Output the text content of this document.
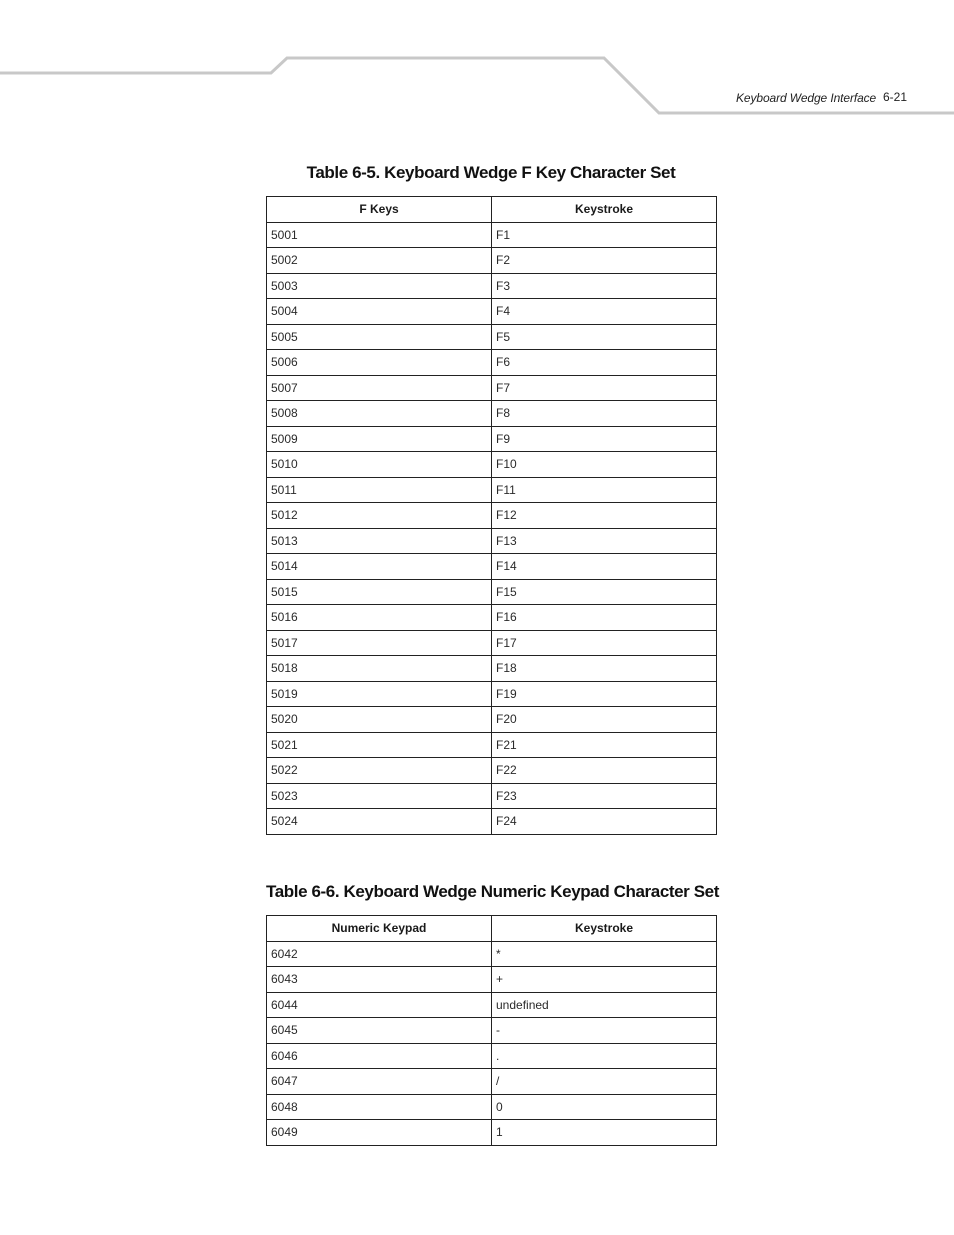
Keyboard Wedge Interface 6-21
Table 6-5. Keyboard Wedge F Key Character Set
F Keys	Keystroke
5001	F1
5002	F2
5003	F3
5004	F4
5005	F5
5006	F6
5007	F7
5008	F8
5009	F9
5010	F10
5011	F11
5012	F12
5013	F13
5014	F14
5015	F15
5016	F16
5017	F17
5018	F18
5019	F19
5020	F20
5021	F21
5022	F22
5023	F23
5024	F24
Table 6-6. Keyboard Wedge Numeric Keypad Character Set
Numeric Keypad	Keystroke
6042	*
6043	+
6044	undefined
6045	-
6046	.
6047	/
6048	0
6049	1
